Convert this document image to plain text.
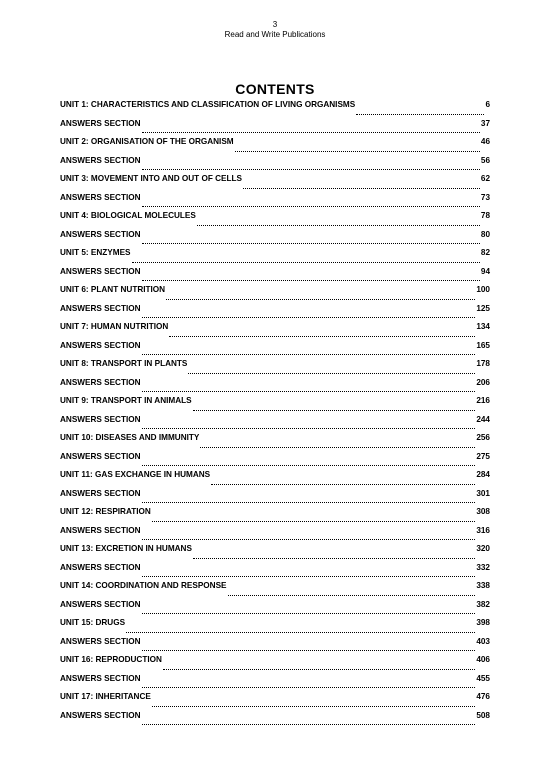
3
Read and Write Publications
CONTENTS
UNIT 1: CHARACTERISTICS AND CLASSIFICATION OF LIVING ORGANISMS	6
ANSWERS SECTION	37
UNIT 2: ORGANISATION OF THE ORGANISM	46
ANSWERS SECTION	56
UNIT 3: MOVEMENT INTO AND OUT OF CELLS	62
ANSWERS SECTION	73
UNIT 4: BIOLOGICAL MOLECULES	78
ANSWERS SECTION	80
UNIT 5: ENZYMES	82
ANSWERS SECTION	94
UNIT 6: PLANT NUTRITION	100
ANSWERS SECTION	125
UNIT 7: HUMAN NUTRITION	134
ANSWERS SECTION	165
UNIT 8: TRANSPORT IN PLANTS	178
ANSWERS SECTION	206
UNIT 9: TRANSPORT IN ANIMALS	216
ANSWERS SECTION	244
UNIT 10: DISEASES AND IMMUNITY	256
ANSWERS SECTION	275
UNIT 11: GAS EXCHANGE IN HUMANS	284
ANSWERS SECTION	301
UNIT 12: RESPIRATION	308
ANSWERS SECTION	316
UNIT 13: EXCRETION IN HUMANS	320
ANSWERS SECTION	332
UNIT 14: COORDINATION AND RESPONSE	338
ANSWERS SECTION	382
UNIT 15: DRUGS	398
ANSWERS SECTION	403
UNIT 16: REPRODUCTION	406
ANSWERS SECTION	455
UNIT 17: INHERITANCE	476
ANSWERS SECTION	508
